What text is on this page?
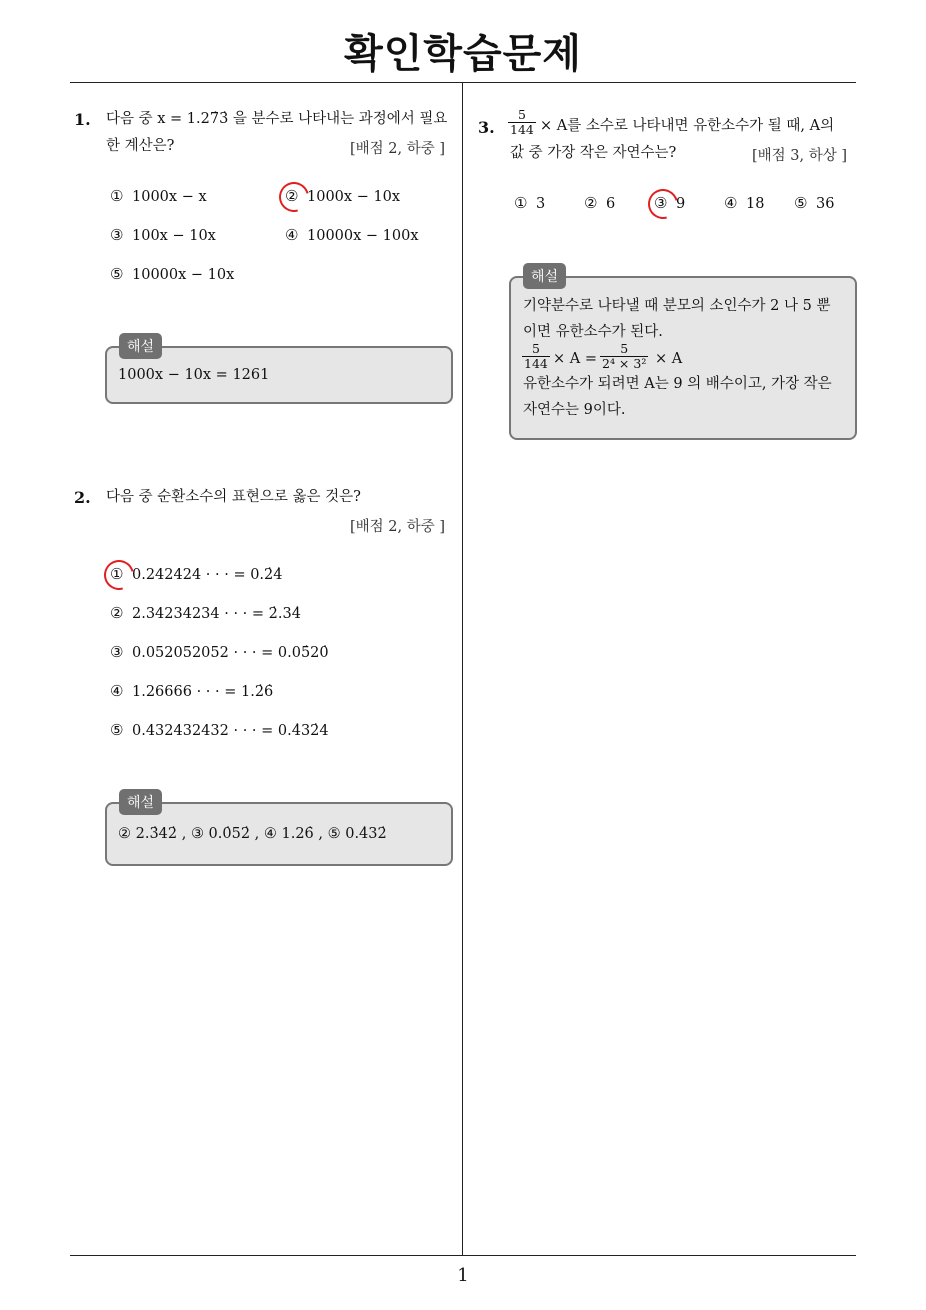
확인학습문제
1
1. 다음 중 x = 1.27̇3̇ 을 분수로 나타내는 과정에서 필요
한 계산은?	[배점 2, 하중 ]
① 1000x − x	② 1000x − 10x
③ 100x − 10x	④ 10000x − 100x
⑤ 10000x − 10x
해설
1000x − 10x = 1261
2. 다음 중 순환소수의 표현으로 옳은 것은?
[배점 2, 하중 ]
① 0.242424 · · · = 0.2̇4̇
② 2.34234234 · · · = 2̇.34̇
③ 0.052052052 · · · = 0.05̇20̇
④ 1.26666 · · · = 1.2̇6̇
⑤ 0.432432432 · · · = 0.4̇32̇4
해설
② 2.3̇42̇ , ③ 0.0̇52̇ , ④ 1.26̇ , ⑤ 0.4̇32̇
3. $\frac{5}{144} \times A$를 소수로 나타내면 유한소수가 될 때, A의
값 중 가장 작은 자연수는?	[배점 3, 하상 ]
① 3	② 6	③ 9	④ 18 ⑤ 36
해설
기약분수로 나타낼 때 분모의 소인수가 2 나 5 뿐
이면 유한소수가 된다.
$\frac{5}{144} \times A = \frac{5}{\text{2⁴ × 3²}} \times A$
유한소수가 되려면 A는 9 의 배수이고, 가장 작은
자연수는 9이다.
